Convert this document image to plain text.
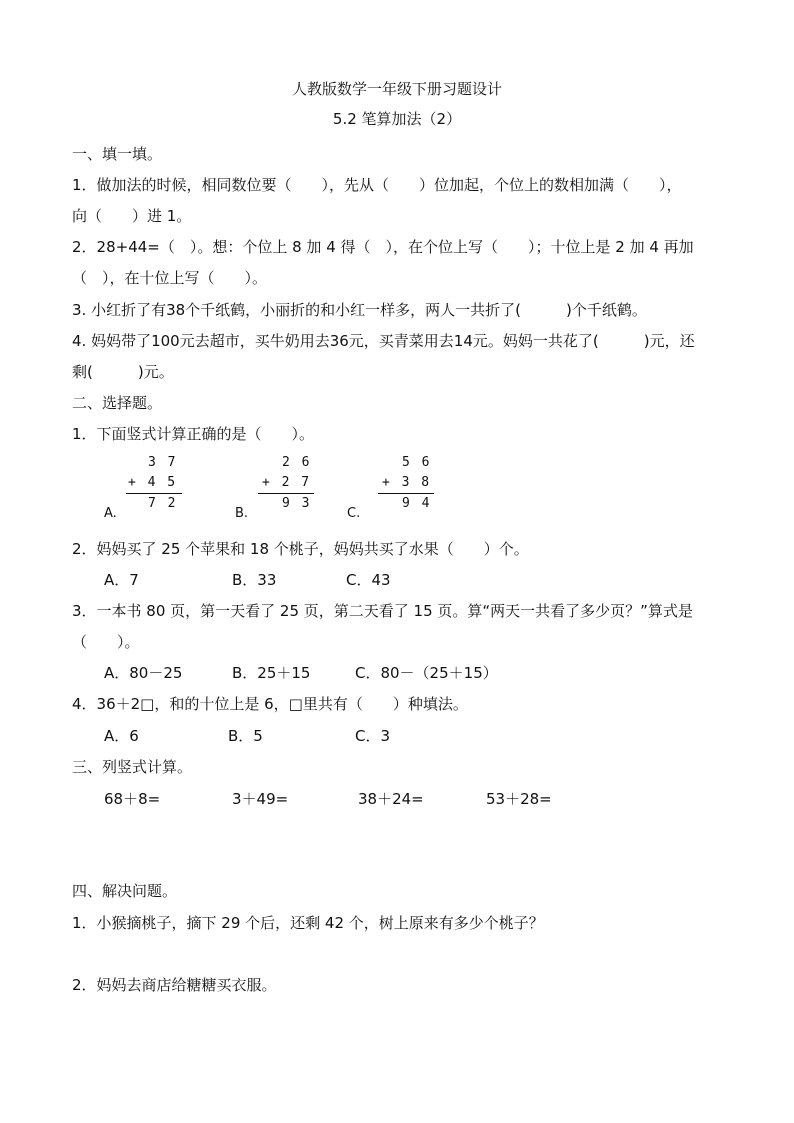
人教版数学一年级下册习题设计
5.2 笔算加法（2）
一、填一填。
1．做加法的时候，相同数位要（　　），先从（　　）位加起，个位上的数相加满（　　），
向（　　）进 1。
2．28+44=（　）。想：个位上 8 加 4 得（　），在个位上写（　　）；十位上是 2 加 4 再加
（　），在十位上写（　　）。
3. 小红折了有38个千纸鹤，小丽折的和小红一样多，两人一共折了(　　　)个千纸鹤。
4. 妈妈带了100元去超市，买牛奶用去36元，买青菜用去14元。妈妈一共花了(　　　)元，还
剩(　　　)元。
二、选择题。
1．下面竖式计算正确的是（　　）。
A.
3 7
+ 4 5
7 2
B.
2 6
+ 2 7
9 3
C.
5 6
+ 3 8
9 4
2．妈妈买了 25 个苹果和 18 个桃子，妈妈共买了水果（　　）个。
A．7	B．33	C．43
3．一本书 80 页，第一天看了 25 页，第二天看了 15 页。算“两天一共看了多少页？”算式是
（　　）。
A．80－25	B．25＋15	C．80－（25＋15）
4．36＋2□，和的十位上是 6，□里共有（　　）种填法。
A．6	B．5	C．3
三、列竖式计算。
68＋8=	3＋49=	38＋24=	53＋28=
四、解决问题。
1．小猴摘桃子，摘下 29 个后，还剩 42 个，树上原来有多少个桃子？
2．妈妈去商店给糖糖买衣服。
